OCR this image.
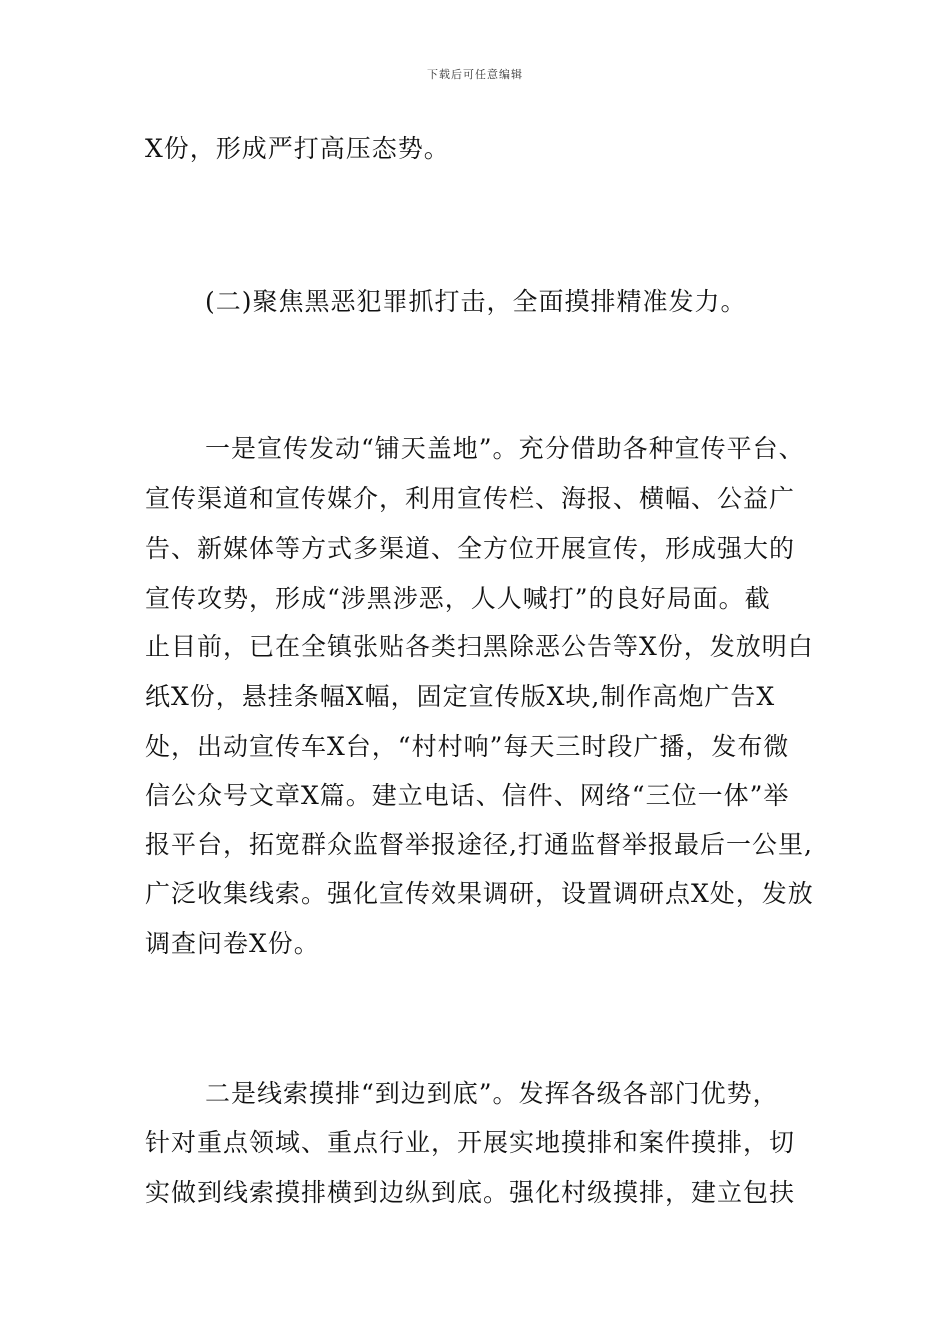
下载后可任意编辑
X份，形成严打高压态势。
(二)聚焦黑恶犯罪抓打击，全面摸排精准发力。
一是宣传发动“铺天盖地”。充分借助各种宣传平台、
宣传渠道和宣传媒介，利用宣传栏、海报、横幅、公益广
告、新媒体等方式多渠道、全方位开展宣传，形成强大的
宣传攻势，形成“涉黑涉恶，人人喊打”的良好局面。截
止目前，已在全镇张贴各类扫黑除恶公告等X份，发放明白
纸X份，悬挂条幅X幅，固定宣传版X块,制作高炮广告X
处，出动宣传车X台，“村村响”每天三时段广播，发布微
信公众号文章X篇。建立电话、信件、网络“三位一体”举
报平台，拓宽群众监督举报途径,打通监督举报最后一公里,
广泛收集线索。强化宣传效果调研，设置调研点X处，发放
调查问卷X份。
二是线索摸排“到边到底”。发挥各级各部门优势，
针对重点领域、重点行业，开展实地摸排和案件摸排，切
实做到线索摸排横到边纵到底。强化村级摸排，建立包扶
